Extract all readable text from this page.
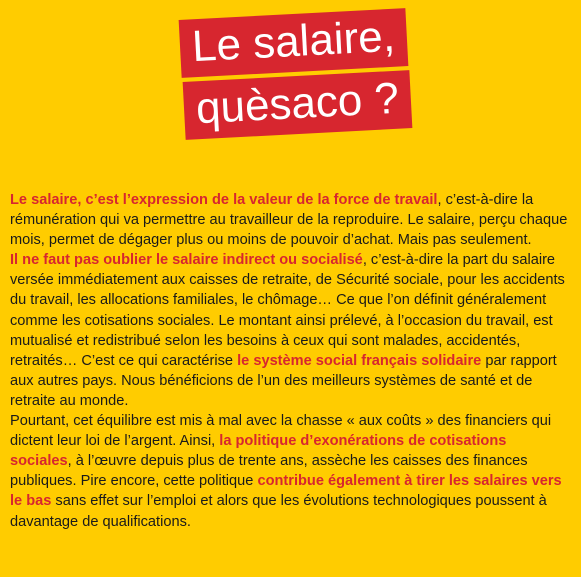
Le salaire,
quèsaco ?

Le salaire, c’est l’expression de la valeur de la force de travail, c’est-à-dire la rémunération qui va permettre au travailleur de la reproduire. Le salaire, perçu chaque mois, permet de dégager plus ou moins de pouvoir d’achat. Mais pas seulement.

Il ne faut pas oublier le salaire indirect ou socialisé, c’est-à-dire la part du salaire versée immédiatement aux caisses de retraite, de Sécurité sociale, pour les accidents du travail, les allocations familiales, le chômage… Ce que l’on définit généralement comme les cotisations sociales. Le montant ainsi prélevé, à l’occasion du travail, est mutualisé et redistribué selon les besoins à ceux qui sont malades, accidentés, retraités… C’est ce qui caractérise le système social français solidaire par rapport aux autres pays. Nous bénéficions de l’un des meilleurs systèmes de santé et de retraite au monde.

Pourtant, cet équilibre est mis à mal avec la chasse « aux coûts » des financiers qui dictent leur loi de l’argent. Ainsi, la politique d’exonérations de cotisations sociales, à l’œuvre depuis plus de trente ans, assèche les caisses des finances publiques. Pire encore, cette politique contribue également à tirer les salaires vers le bas sans effet sur l’emploi et alors que les évolutions technologiques poussent à davantage de qualifications.
